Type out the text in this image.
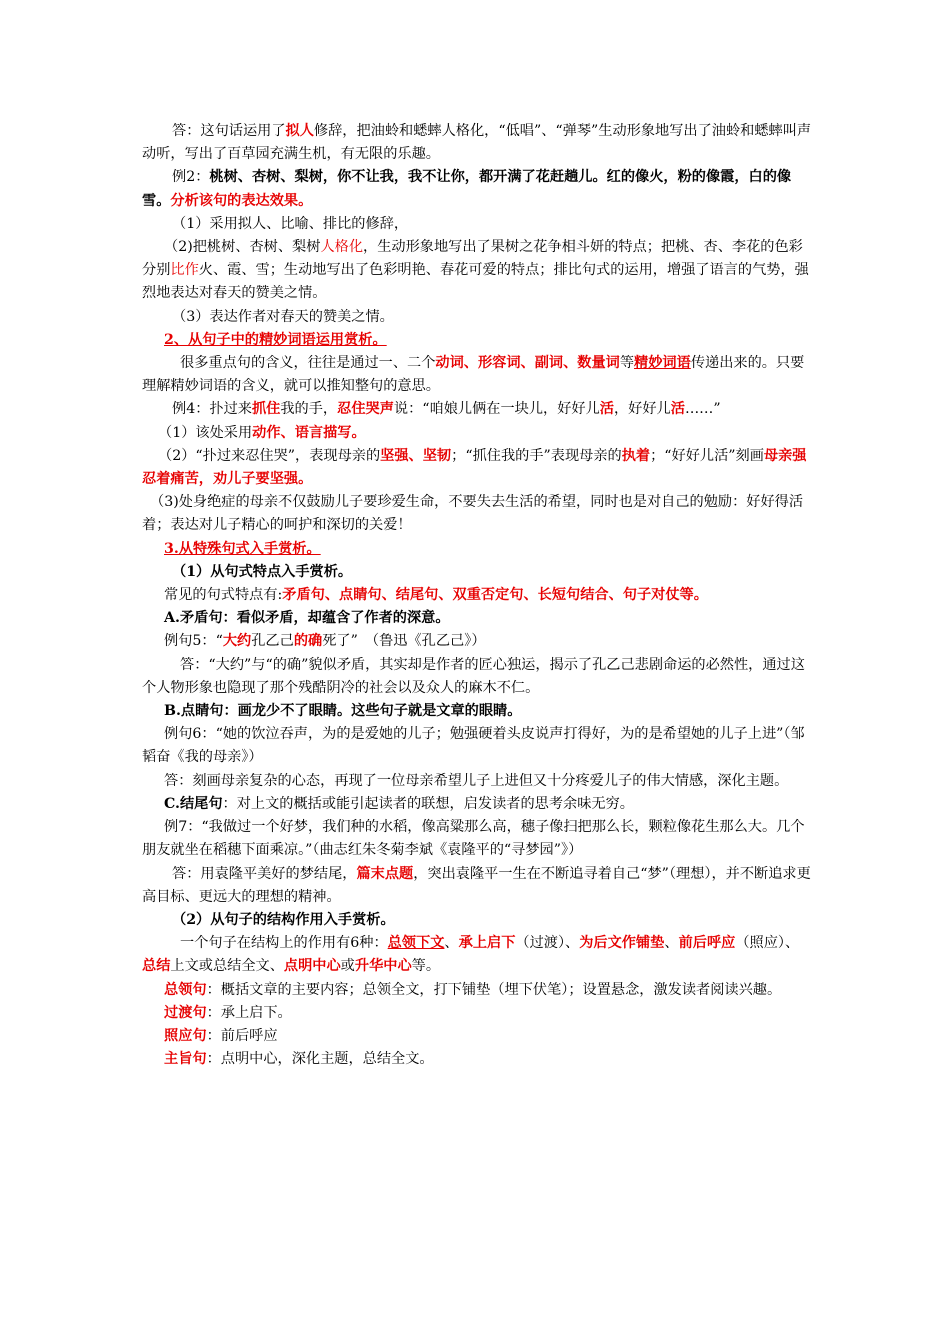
答：这句话运用了拟人修辞，把油蛉和蟋蟀人格化，“低唱”、“弹琴”生动形象地写出了油蛉和蟋蟀叫声动听，写出了百草园充满生机，有无限的乐趣。

例2：桃树、杏树、梨树，你不让我，我不让你，都开满了花赶趟儿。红的像火，粉的像霞，白的像雪。分析该句的表达效果。

（1）采用拟人、比喻、排比的修辞，

（2)把桃树、杏树、梨树人格化，生动形象地写出了果树之花争相斗妍的特点；把桃、杏、李花的色彩分别比作火、霞、雪；生动地写出了色彩明艳、春花可爱的特点；排比句式的运用，增强了语言的气势，强烈地表达对春天的赞美之情。

（3）表达作者对春天的赞美之情。

2、从句子中的精妙词语运用赏析。

很多重点句的含义，往往是通过一、二个动词、形容词、副词、数量词等精妙词语传递出来的。只要理解精妙词语的含义，就可以推知整句的意思。

例4：扑过来抓住我的手，忍住哭声说：“咱娘儿俩在一块儿，好好儿活，好好儿活……”

（1）该处采用动作、语言描写。

（2）“扑过来忍住哭”，表现母亲的坚强、坚韧；“抓住我的手”表现母亲的执着；“好好儿活”刻画母亲强忍着痛苦，劝儿子要坚强。

（3)处身绝症的母亲不仅鼓励儿子要珍爱生命，不要失去生活的希望，同时也是对自己的勉励：好好得活着；表达对儿子精心的呵护和深切的关爱！

3.从特殊句式入手赏析。

（1）从句式特点入手赏析。

常见的句式特点有:矛盾句、点睛句、结尾句、双重否定句、长短句结合、句子对仗等。

A.矛盾句：看似矛盾，却蕴含了作者的深意。

例句5：“大约孔乙己的确死了”　（鲁迅《孔乙己》）

答：“大约”与“的确”貌似矛盾，其实却是作者的匠心独运，揭示了孔乙己悲剧命运的必然性，通过这个人物形象也隐现了那个残酷阴冷的社会以及众人的麻木不仁。

B.点睛句：画龙少不了眼睛。这些句子就是文章的眼睛。

例句6：“她的饮泣吞声，为的是爱她的儿子；勉强硬着头皮说声打得好，为的是希望她的儿子上进”（邹韬奋《我的母亲》）

答：刻画母亲复杂的心态，再现了一位母亲希望儿子上进但又十分疼爱儿子的伟大情感，深化主题。

C.结尾句：对上文的概括或能引起读者的联想，启发读者的思考余味无穷。

例7：“我做过一个好梦，我们种的水稻，像高粱那么高，穗子像扫把那么长，颗粒像花生那么大。几个朋友就坐在稻穗下面乘凉。”（曲志红朱冬菊李斌《袁隆平的“寻梦园”》）

答：用袁隆平美好的梦结尾，篇末点题，突出袁隆平一生在不断追寻着自己“梦”（理想），并不断追求更高目标、更远大的理想的精神。

（2）从句子的结构作用入手赏析。

一个句子在结构上的作用有6种：总领下文、承上启下（过渡）、为后文作铺垫、前后呼应（照应）、总结上文或总结全文、点明中心或升华中心等。

总领句：概括文章的主要内容；总领全文，打下铺垫（埋下伏笔）；设置悬念，激发读者阅读兴趣。

过渡句：承上启下。

照应句：前后呼应

主旨句：点明中心，深化主题，总结全文。
